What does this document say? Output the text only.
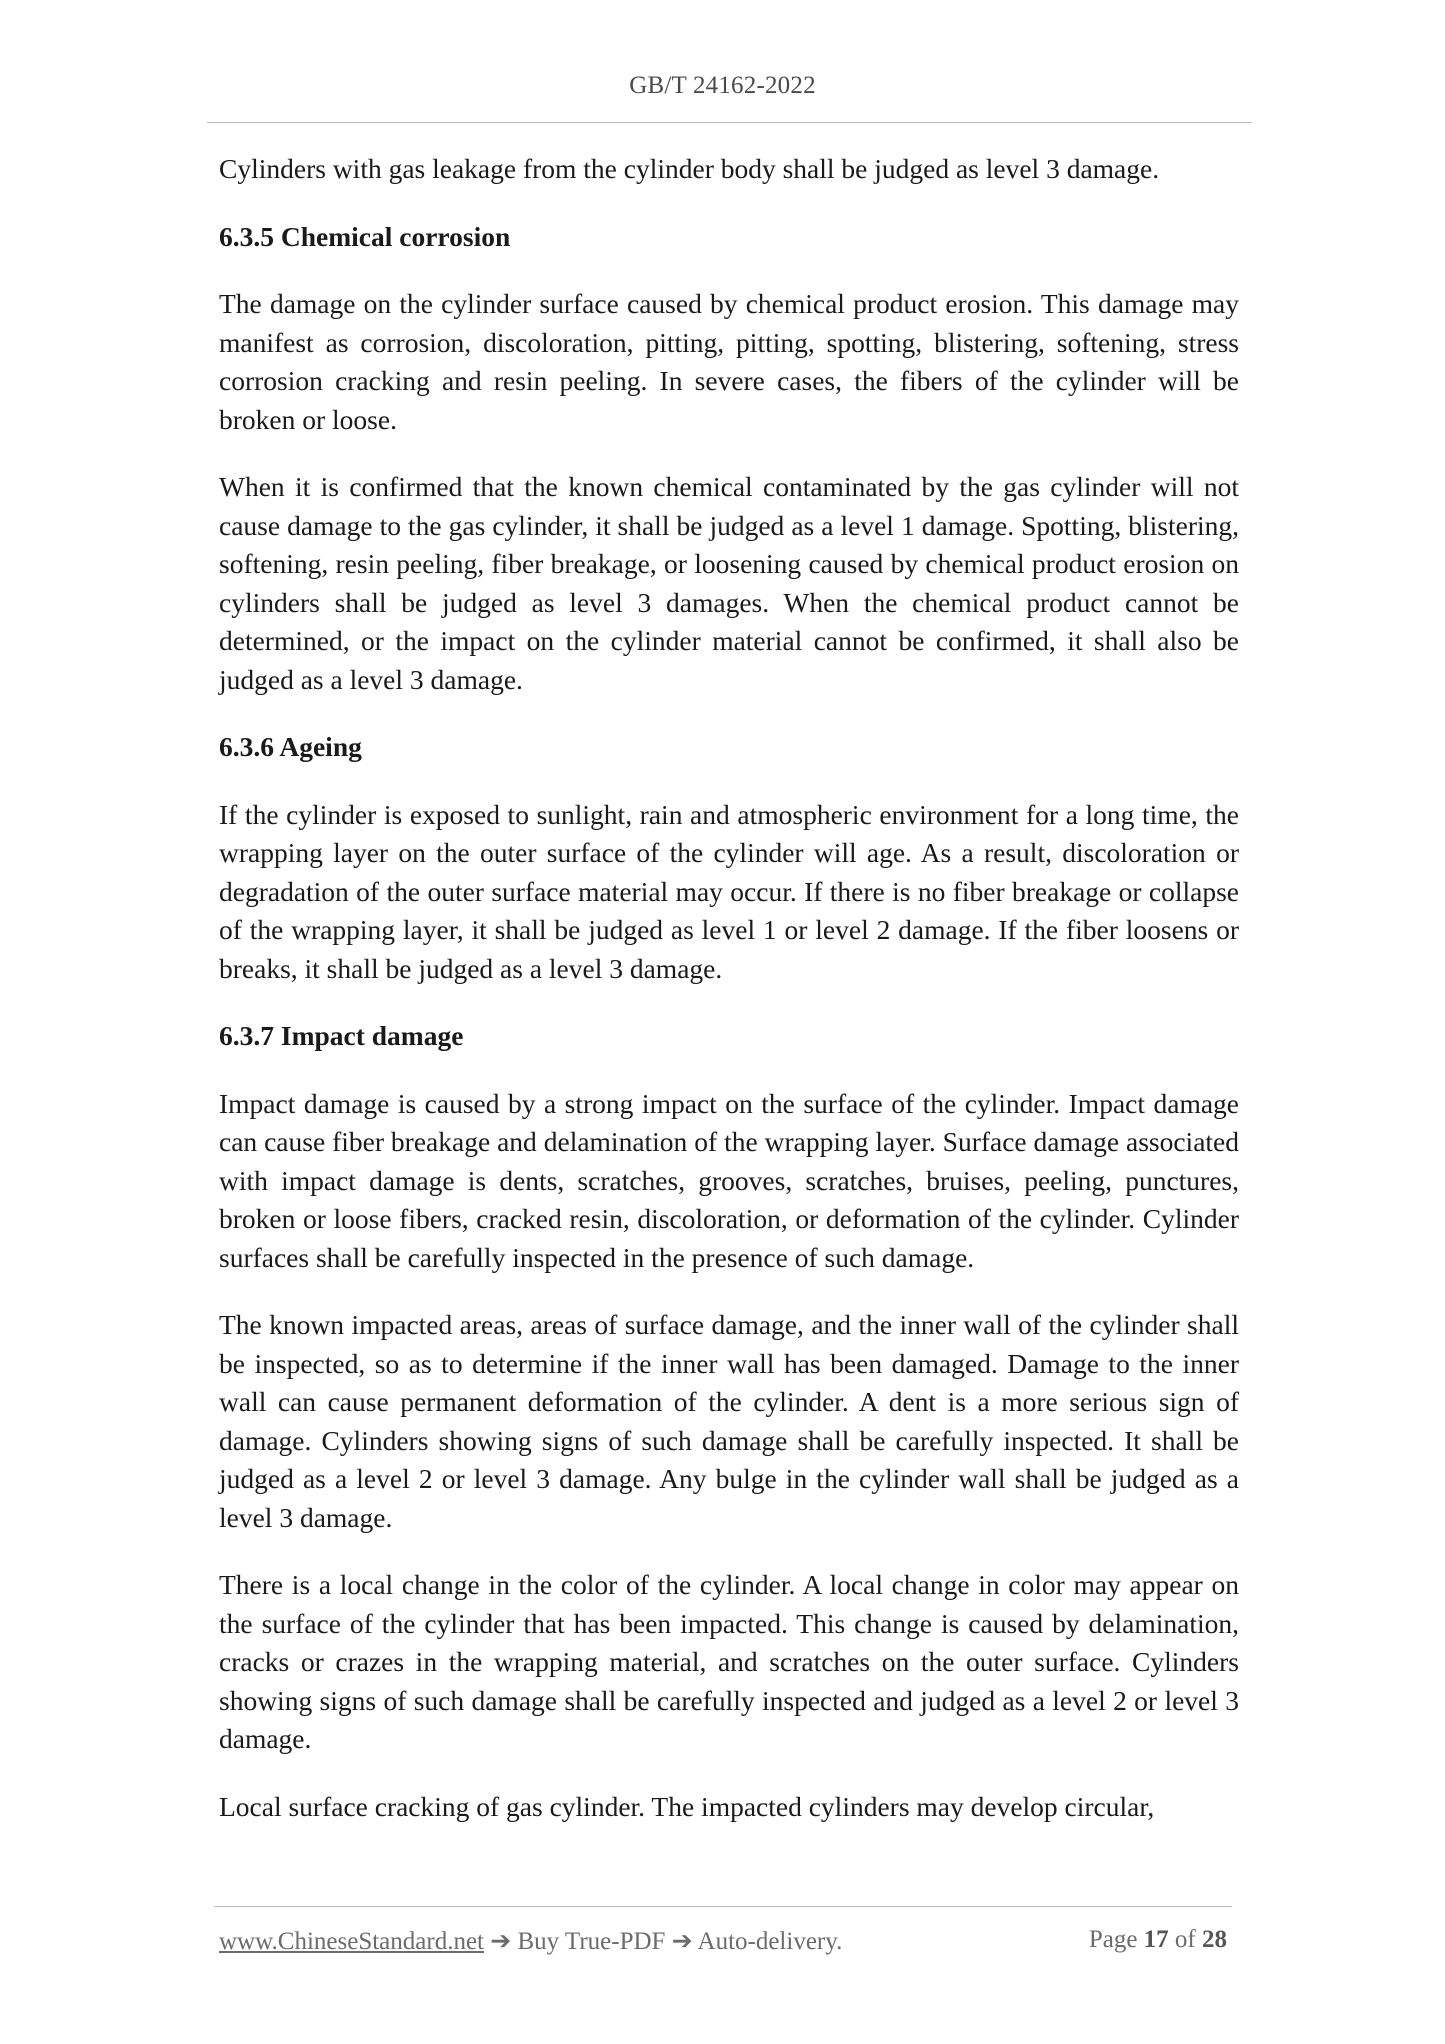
GB/T 24162-2022

Cylinders with gas leakage from the cylinder body shall be judged as level 3 damage.

6.3.5 Chemical corrosion

The damage on the cylinder surface caused by chemical product erosion. This damage may manifest as corrosion, discoloration, pitting, pitting, spotting, blistering, softening, stress corrosion cracking and resin peeling. In severe cases, the fibers of the cylinder will be broken or loose.

When it is confirmed that the known chemical contaminated by the gas cylinder will not cause damage to the gas cylinder, it shall be judged as a level 1 damage. Spotting, blistering, softening, resin peeling, fiber breakage, or loosening caused by chemical product erosion on cylinders shall be judged as level 3 damages. When the chemical product cannot be determined, or the impact on the cylinder material cannot be confirmed, it shall also be judged as a level 3 damage.

6.3.6 Ageing

If the cylinder is exposed to sunlight, rain and atmospheric environment for a long time, the wrapping layer on the outer surface of the cylinder will age. As a result, discoloration or degradation of the outer surface material may occur. If there is no fiber breakage or collapse of the wrapping layer, it shall be judged as level 1 or level 2 damage. If the fiber loosens or breaks, it shall be judged as a level 3 damage.

6.3.7 Impact damage

Impact damage is caused by a strong impact on the surface of the cylinder. Impact damage can cause fiber breakage and delamination of the wrapping layer. Surface damage associated with impact damage is dents, scratches, grooves, scratches, bruises, peeling, punctures, broken or loose fibers, cracked resin, discoloration, or deformation of the cylinder. Cylinder surfaces shall be carefully inspected in the presence of such damage.

The known impacted areas, areas of surface damage, and the inner wall of the cylinder shall be inspected, so as to determine if the inner wall has been damaged. Damage to the inner wall can cause permanent deformation of the cylinder. A dent is a more serious sign of damage. Cylinders showing signs of such damage shall be carefully inspected. It shall be judged as a level 2 or level 3 damage. Any bulge in the cylinder wall shall be judged as a level 3 damage.

There is a local change in the color of the cylinder. A local change in color may appear on the surface of the cylinder that has been impacted. This change is caused by delamination, cracks or crazes in the wrapping material, and scratches on the outer surface. Cylinders showing signs of such damage shall be carefully inspected and judged as a level 2 or level 3 damage.

Local surface cracking of gas cylinder. The impacted cylinders may develop circular,

www.ChineseStandard.net ➔ Buy True-PDF ➔ Auto-delivery.	Page 17 of 28
